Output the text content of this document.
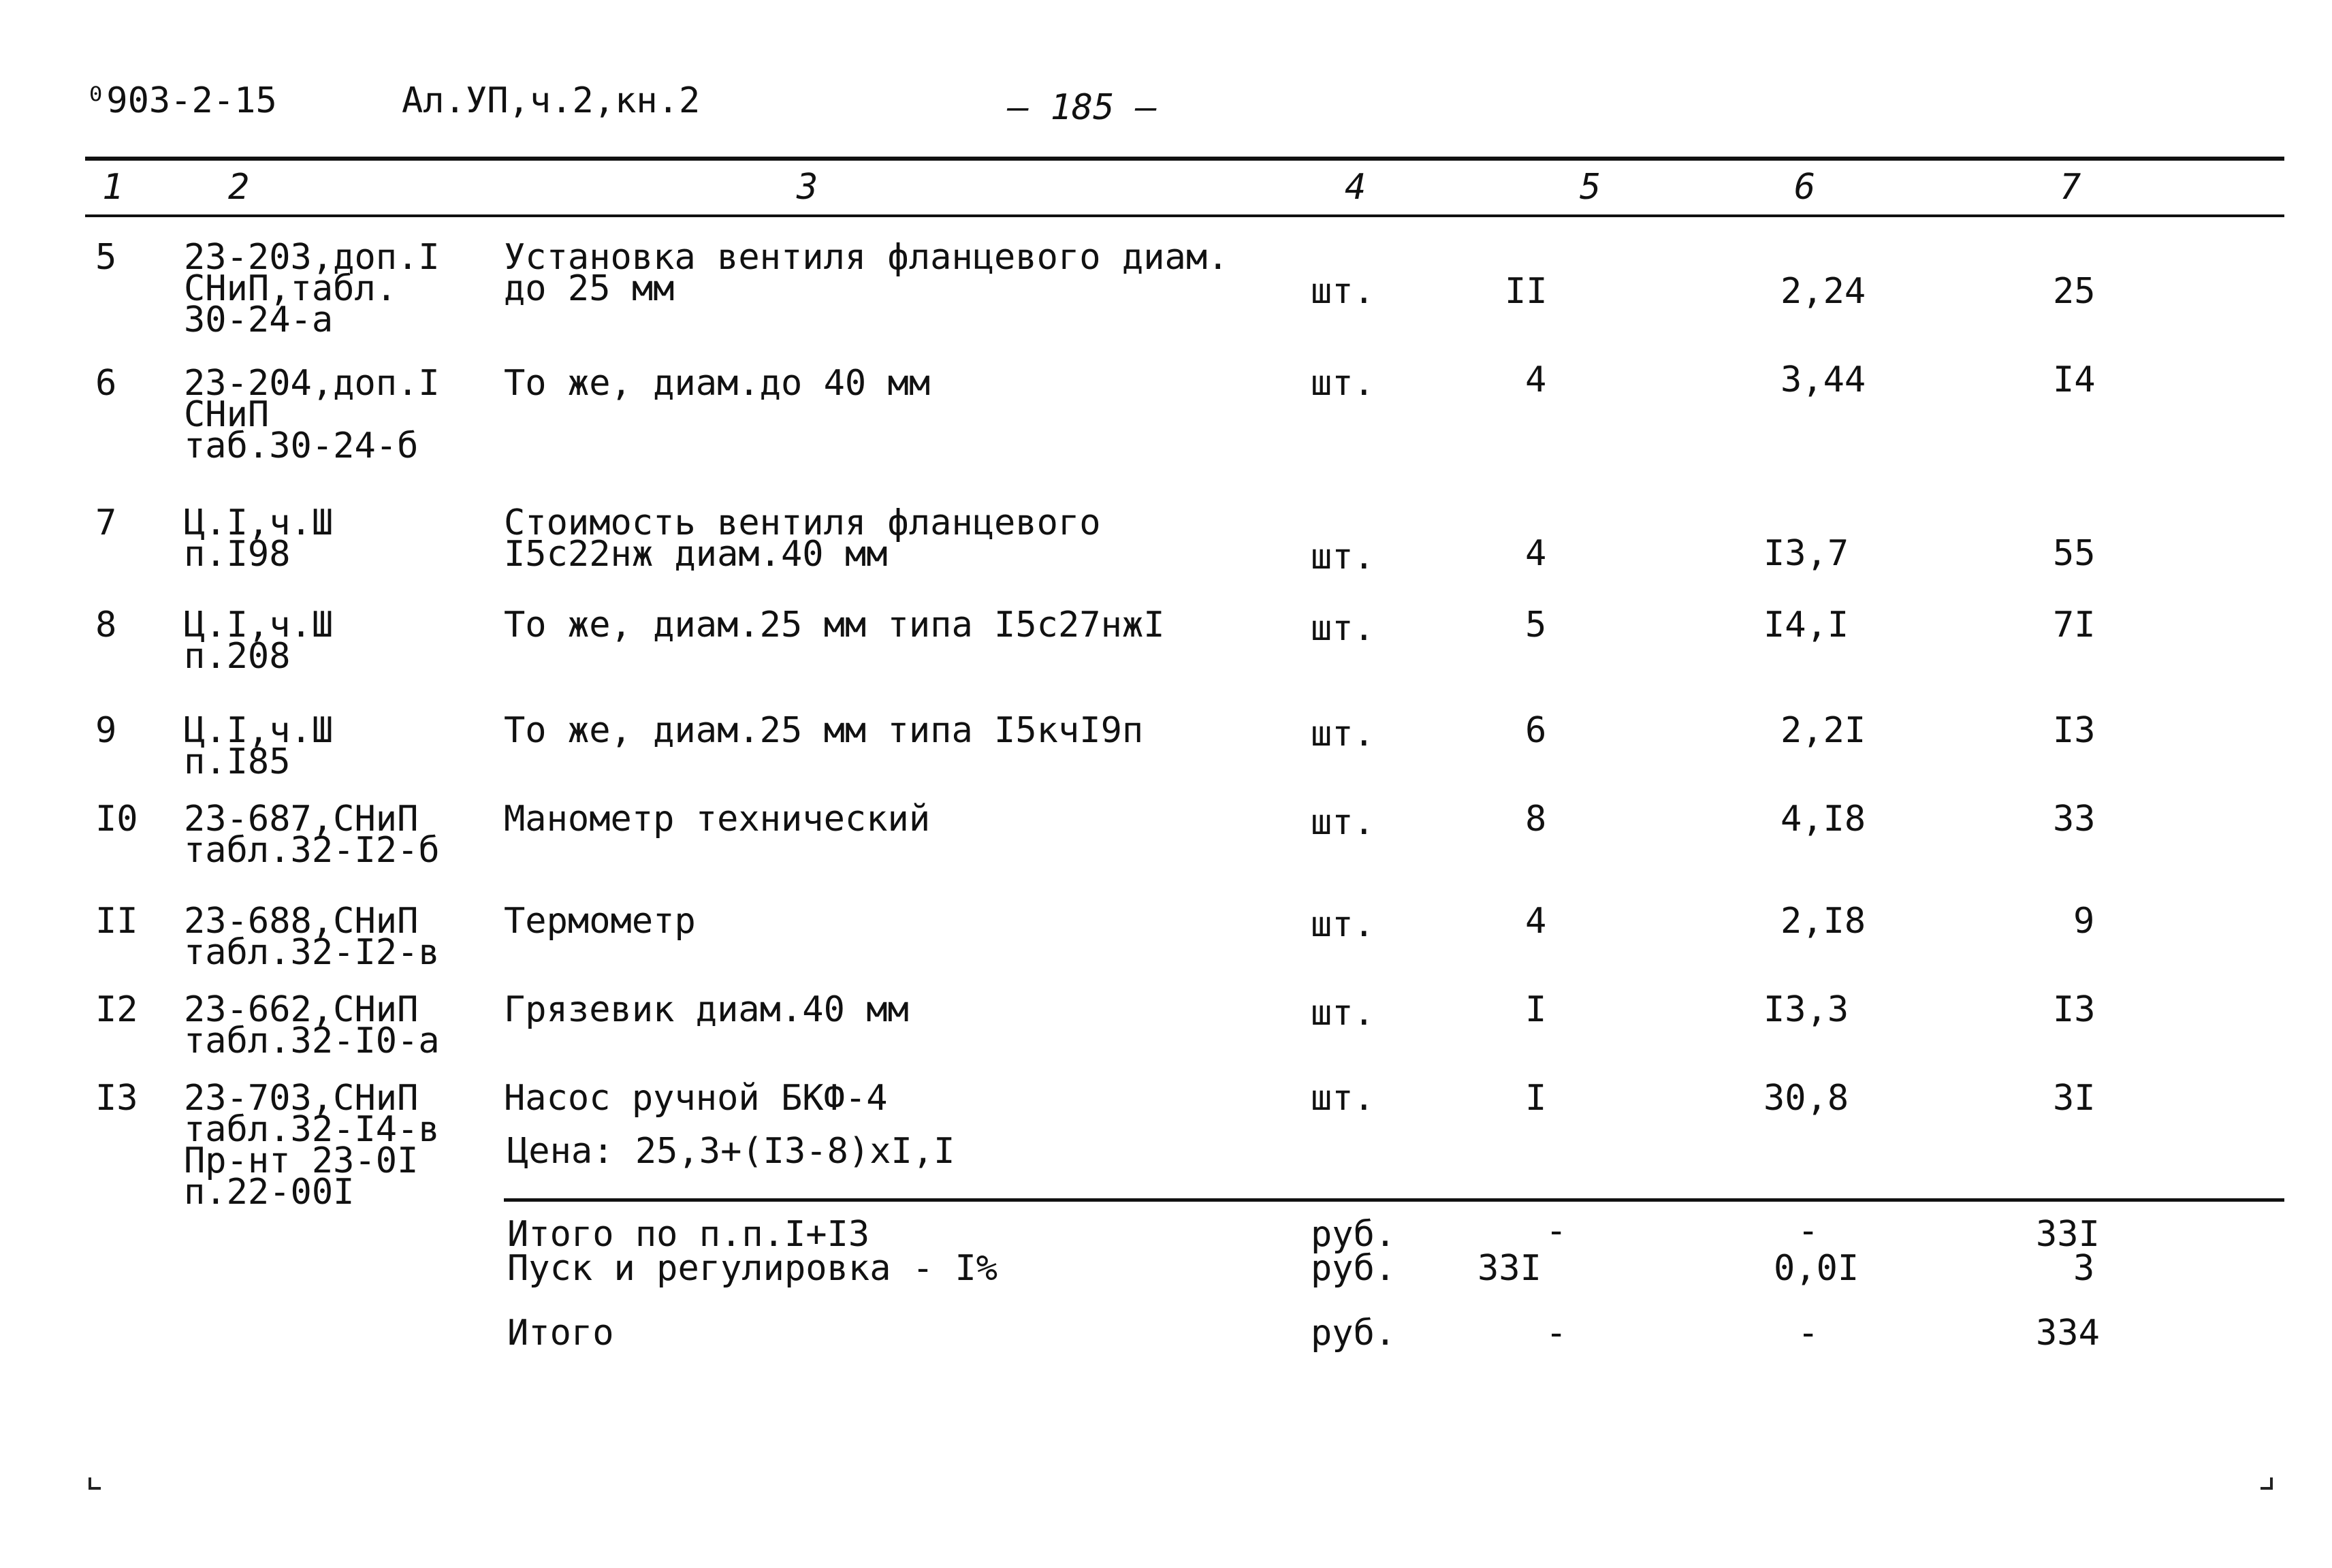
⁰903-2-15	Ал.УП,ч.2,кн.2	— 185 —
1	2	3	4	5	6	7
5 23-203,доп.I
СНиП,табл.
30-24-а
Установка вентиля фланцевого диам.
до 25 мм	шт.	II	2,24	25
6 23-204,доп.I
СНиП
таб.30-24-б
То же, диам.до 40 мм	шт.	4	3,44	I4
7 Ц.I,ч.Ш
п.I98
Стоимость вентиля фланцевого
I5с22нж диам.40 мм	шт.	4	I3,7	55
8 Ц.I,ч.Ш
п.208
То же, диам.25 мм типа I5с27нжI	шт.	5	I4,I	7I
9 Ц.I,ч.Ш
п.I85
То же, диам.25 мм типа I5кчI9п	шт.	6	2,2I	I3
I0 23-687,СНиП
табл.32-I2-б
Манометр технический	шт.	8	4,I8	33
II 23-688,СНиП
табл.32-I2-в
Термометр	шт.	4	2,I8	9
I2 23-662,СНиП
табл.32-I0-а
Грязевик диам.40 мм	шт.	I	I3,3	I3
I3 23-703,СНиП
табл.32-I4-в
Пр-нт 23-0I
п.22-00I
Насос ручной БКФ-4	шт.	I	30,8	3I
Цена: 25,3+(I3-8)хI,I
Итого по п.п.I+I3	руб.	-	-	33I
Пуск и регулировка - I%	руб. 33I	0,0I	3
Итого	руб.	-	-	334
